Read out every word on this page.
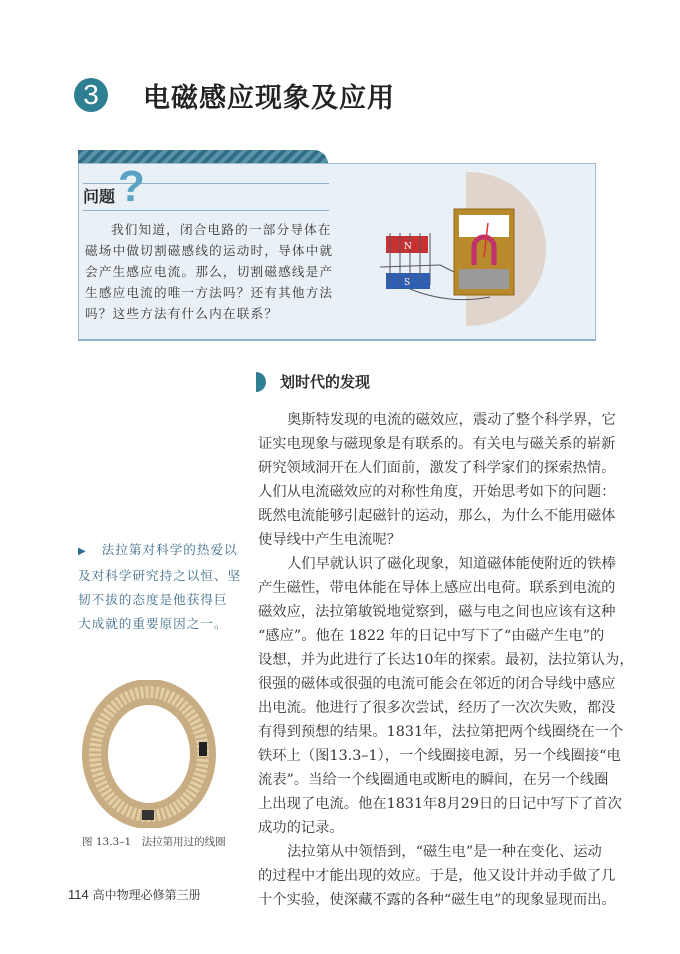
3	电磁感应现象及应用
问题 ?
我们知道，闭合电路的一部分导体在
磁场中做切割磁感线的运动时，导体中就
会产生感应电流。那么，切割磁感线是产
生感应电流的唯一方法吗？还有其他方法
吗？这些方法有什么内在联系？
N
S
划时代的发现
奥斯特发现的电流的磁效应，震动了整个科学界，它
证实电现象与磁现象是有联系的。有关电与磁关系的崭新
研究领域洞开在人们面前，激发了科学家们的探索热情。
人们从电流磁效应的对称性角度，开始思考如下的问题：
既然电流能够引起磁针的运动，那么，为什么不能用磁体
使导线中产生电流呢？
人们早就认识了磁化现象，知道磁体能使附近的铁棒
产生磁性，带电体能在导体上感应出电荷。联系到电流的
磁效应，法拉第敏锐地觉察到，磁与电之间也应该有这种
“感应”。他在 1822 年的日记中写下了“由磁产生电”的
设想，并为此进行了长达10年的探索。最初，法拉第认为，
很强的磁体或很强的电流可能会在邻近的闭合导线中感应
出电流。他进行了很多次尝试，经历了一次次失败，都没
有得到预想的结果。1831年，法拉第把两个线圈绕在一个
铁环上（图13.3–1），一个线圈接电源，另一个线圈接“电
流表”。当给一个线圈通电或断电的瞬间，在另一个线圈
上出现了电流。他在1831年8月29日的日记中写下了首次
成功的记录。
法拉第从中领悟到，“磁生电”是一种在变化、运动
的过程中才能出现的效应。于是，他又设计并动手做了几
十个实验，使深藏不露的各种“磁生电”的现象显现而出。
▶ 法拉第对科学的热爱以
及对科学研究持之以恒、坚
韧不拔的态度是他获得巨
大成就的重要原因之一。
图 13.3–1　法拉第用过的线圈
114 高中物理必修第三册
